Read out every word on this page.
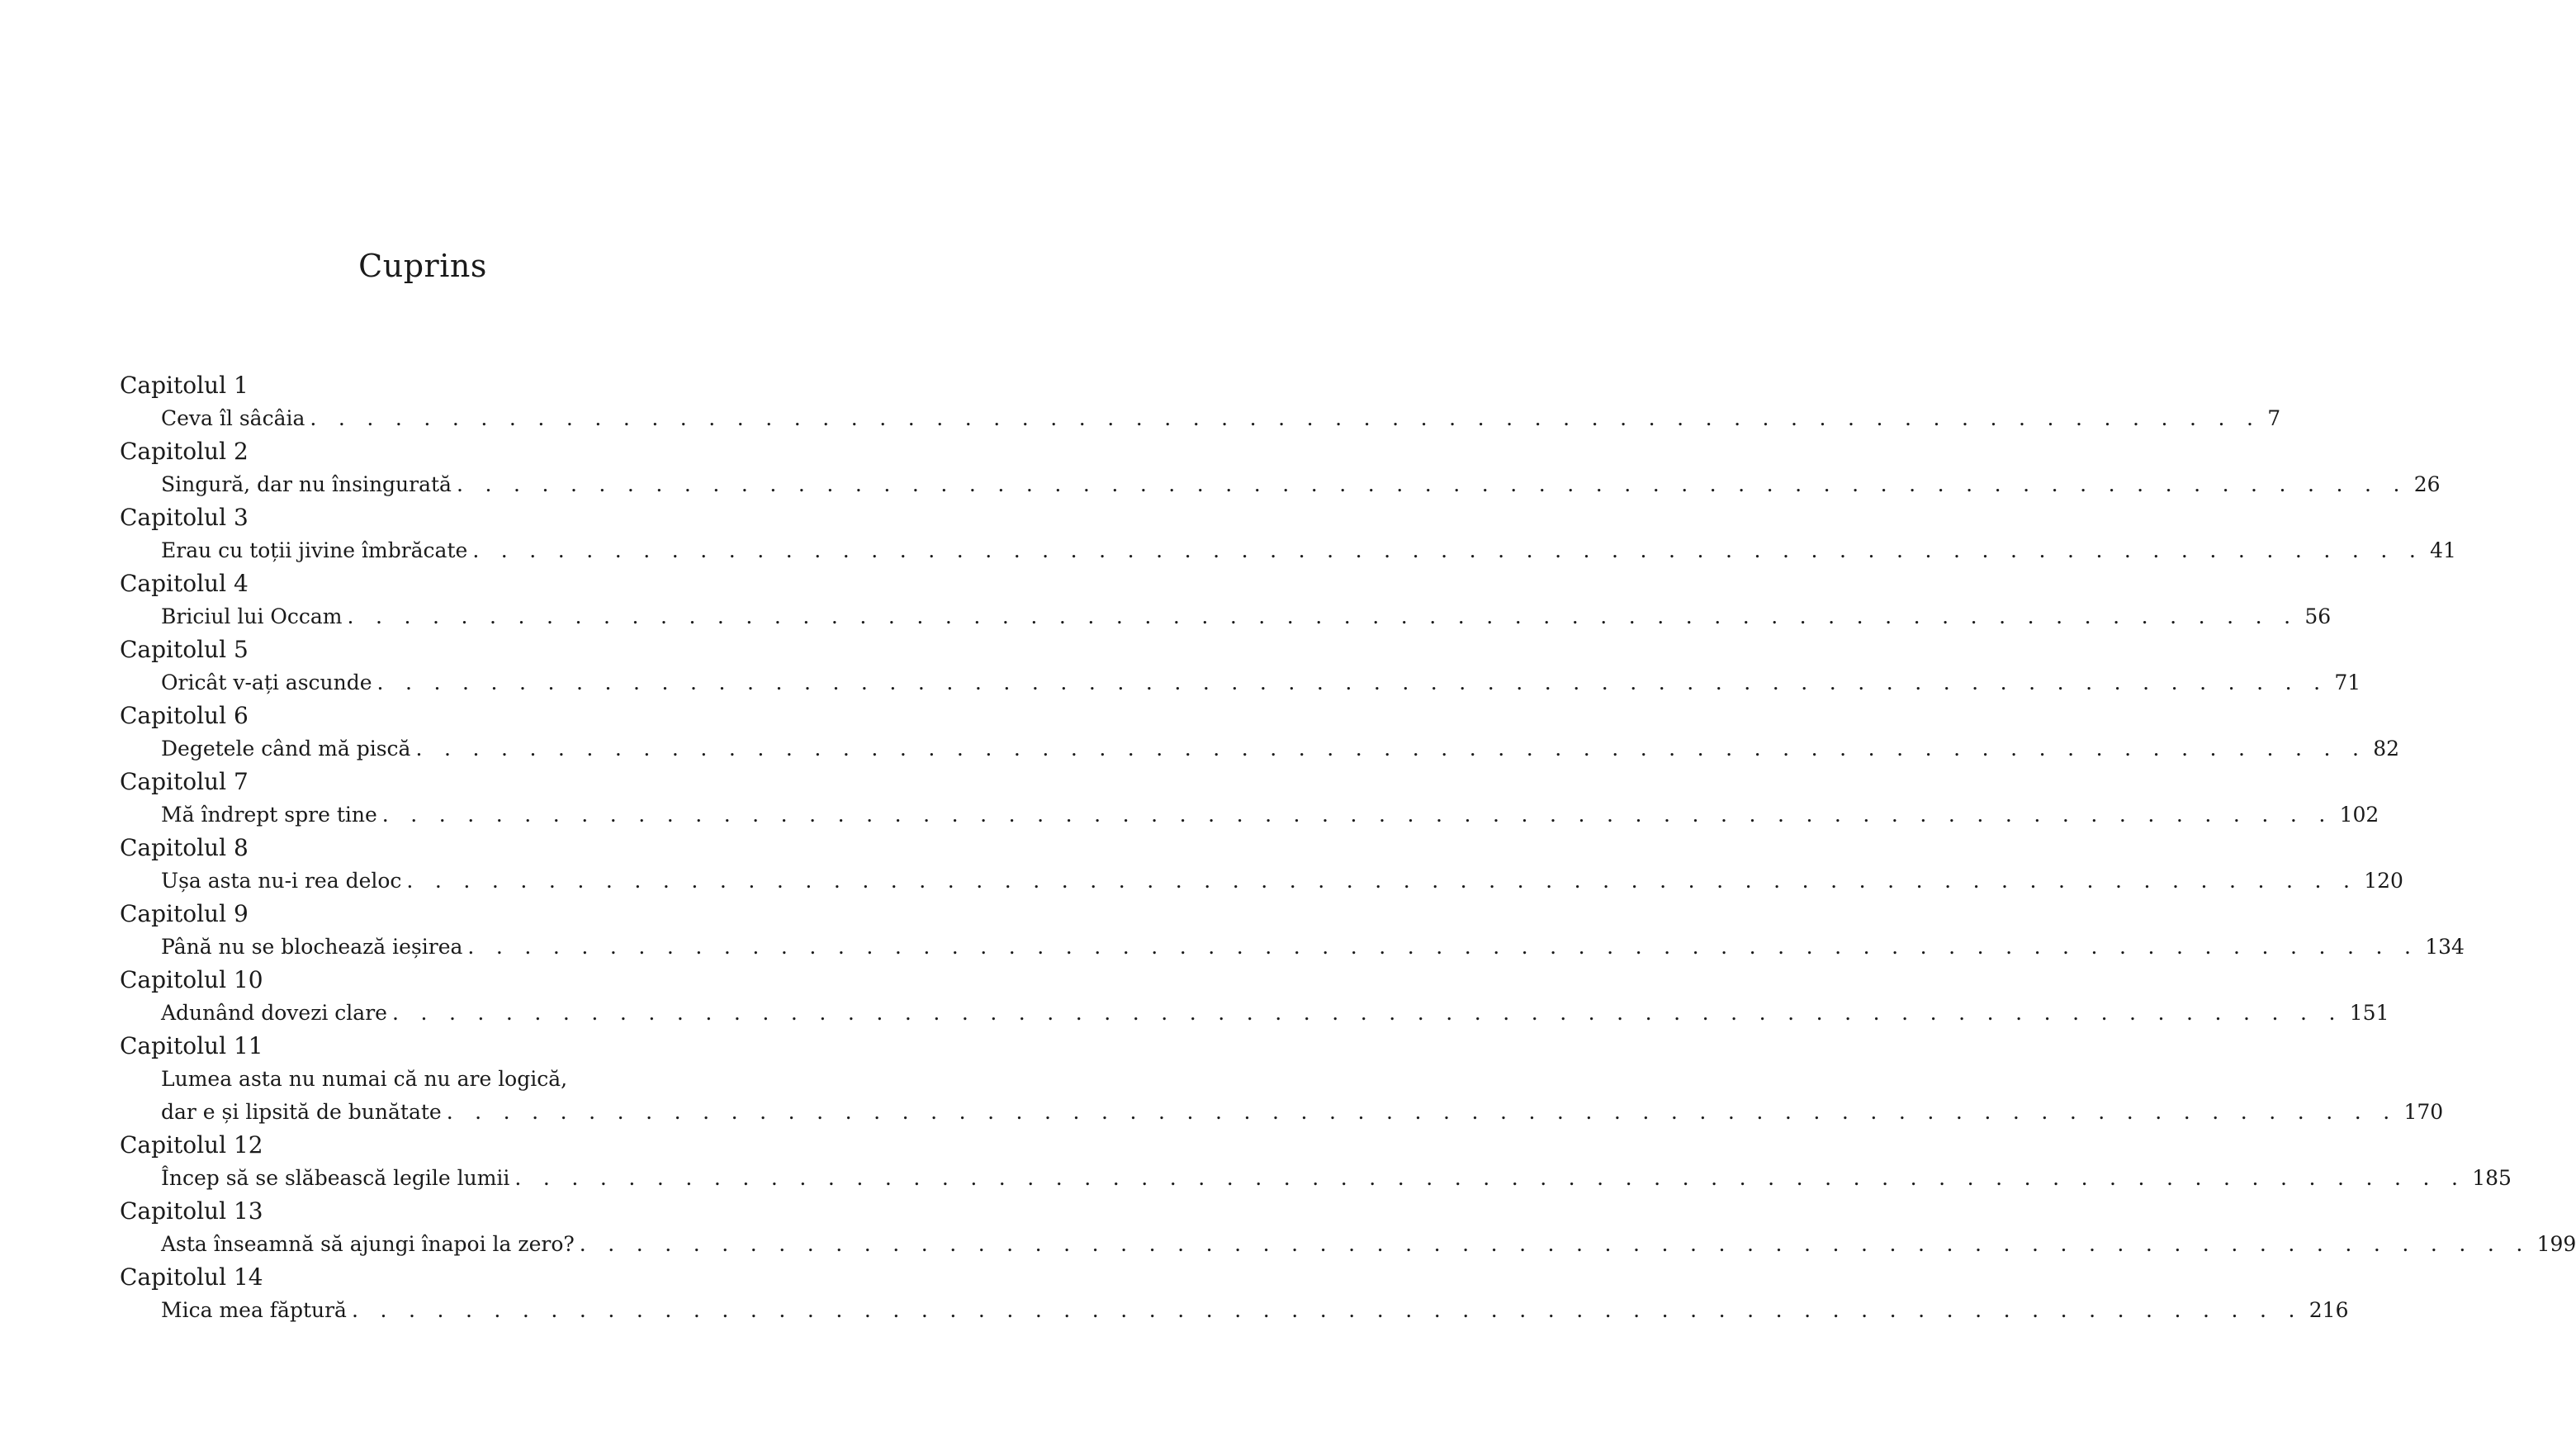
Cuprins
Capitolul 1
Ceva îl sâcâia . . . . . . . . . . . . . . . . . . . . . . . . . . . . . . . . . . . . . . . . . . . . . . . . . . . . . . . . . . . . . . . . . . . . . 7
Capitolul 2
Singură, dar nu însingurată . . . . . . . . . . . . . . . . . . . . . . . . . . . . . . . . . . . . . . . . . . . . . . . . . . . . . . . . . . . . . . . . . . . . . 26
Capitolul 3
Erau cu toții jivine îmbrăcate . . . . . . . . . . . . . . . . . . . . . . . . . . . . . . . . . . . . . . . . . . . . . . . . . . . . . . . . . . . . . . . . . . . . . 41
Capitolul 4
Briciul lui Occam . . . . . . . . . . . . . . . . . . . . . . . . . . . . . . . . . . . . . . . . . . . . . . . . . . . . . . . . . . . . . . . . . . . . . 56
Capitolul 5
Oricât v-ați ascunde . . . . . . . . . . . . . . . . . . . . . . . . . . . . . . . . . . . . . . . . . . . . . . . . . . . . . . . . . . . . . . . . . . . . . 71
Capitolul 6
Degetele când mă piscă . . . . . . . . . . . . . . . . . . . . . . . . . . . . . . . . . . . . . . . . . . . . . . . . . . . . . . . . . . . . . . . . . . . . . 82
Capitolul 7
Mă îndrept spre tine . . . . . . . . . . . . . . . . . . . . . . . . . . . . . . . . . . . . . . . . . . . . . . . . . . . . . . . . . . . . . . . . . . . . . 102
Capitolul 8
Ușa asta nu-i rea deloc . . . . . . . . . . . . . . . . . . . . . . . . . . . . . . . . . . . . . . . . . . . . . . . . . . . . . . . . . . . . . . . . . . . . . 120
Capitolul 9
Până nu se blochează ieșirea . . . . . . . . . . . . . . . . . . . . . . . . . . . . . . . . . . . . . . . . . . . . . . . . . . . . . . . . . . . . . . . . . . . . . 134
Capitolul 10
Adunând dovezi clare . . . . . . . . . . . . . . . . . . . . . . . . . . . . . . . . . . . . . . . . . . . . . . . . . . . . . . . . . . . . . . . . . . . . . 151
Capitolul 11
Lumea asta nu numai că nu are logică,
dar e și lipsită de bunătate . . . . . . . . . . . . . . . . . . . . . . . . . . . . . . . . . . . . . . . . . . . . . . . . . . . . . . . . . . . . . . . . . . . . . 170
Capitolul 12
Încep să se slăbească legile lumii . . . . . . . . . . . . . . . . . . . . . . . . . . . . . . . . . . . . . . . . . . . . . . . . . . . . . . . . . . . . . . . . . . . . . 185
Capitolul 13
Asta înseamnă să ajungi înapoi la zero? . . . . . . . . . . . . . . . . . . . . . . . . . . . . . . . . . . . . . . . . . . . . . . . . . . . . . . . . . . . . . . . . . . . . . 199
Capitolul 14
Mica mea făptură . . . . . . . . . . . . . . . . . . . . . . . . . . . . . . . . . . . . . . . . . . . . . . . . . . . . . . . . . . . . . . . . . . . . . 216
